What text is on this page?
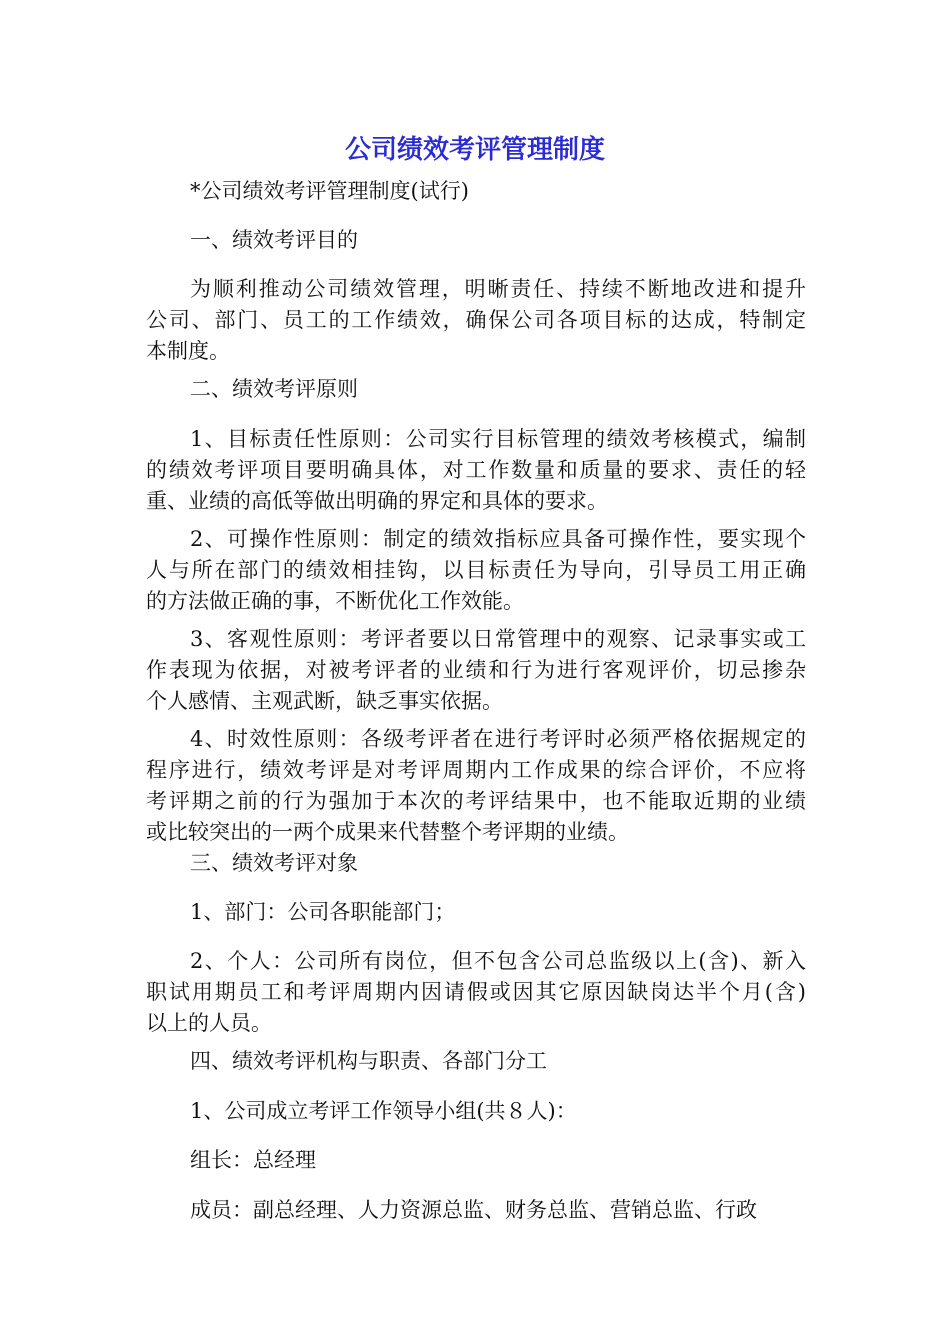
公司绩效考评管理制度
*公司绩效考评管理制度(试行)
一、绩效考评目的
为顺利推动公司绩效管理，明晰责任、持续不断地改进和提升
公司、部门、员工的工作绩效，确保公司各项目标的达成，特制定
本制度。
二、绩效考评原则
1、目标责任性原则：公司实行目标管理的绩效考核模式，编制
的绩效考评项目要明确具体，对工作数量和质量的要求、责任的轻
重、业绩的高低等做出明确的界定和具体的要求。
2、可操作性原则：制定的绩效指标应具备可操作性，要实现个
人与所在部门的绩效相挂钩，以目标责任为导向，引导员工用正确
的方法做正确的事，不断优化工作效能。
3、客观性原则：考评者要以日常管理中的观察、记录事实或工
作表现为依据，对被考评者的业绩和行为进行客观评价，切忌掺杂
个人感情、主观武断，缺乏事实依据。
4、时效性原则：各级考评者在进行考评时必须严格依据规定的
程序进行，绩效考评是对考评周期内工作成果的综合评价，不应将
考评期之前的行为强加于本次的考评结果中，也不能取近期的业绩
或比较突出的一两个成果来代替整个考评期的业绩。
三、绩效考评对象
1、部门：公司各职能部门；
2、个人：公司所有岗位，但不包含公司总监级以上(含)、新入
职试用期员工和考评周期内因请假或因其它原因缺岗达半个月(含)
以上的人员。
四、绩效考评机构与职责、各部门分工
1、公司成立考评工作领导小组(共８人)：
组长：总经理
成员：副总经理、人力资源总监、财务总监、营销总监、行政
